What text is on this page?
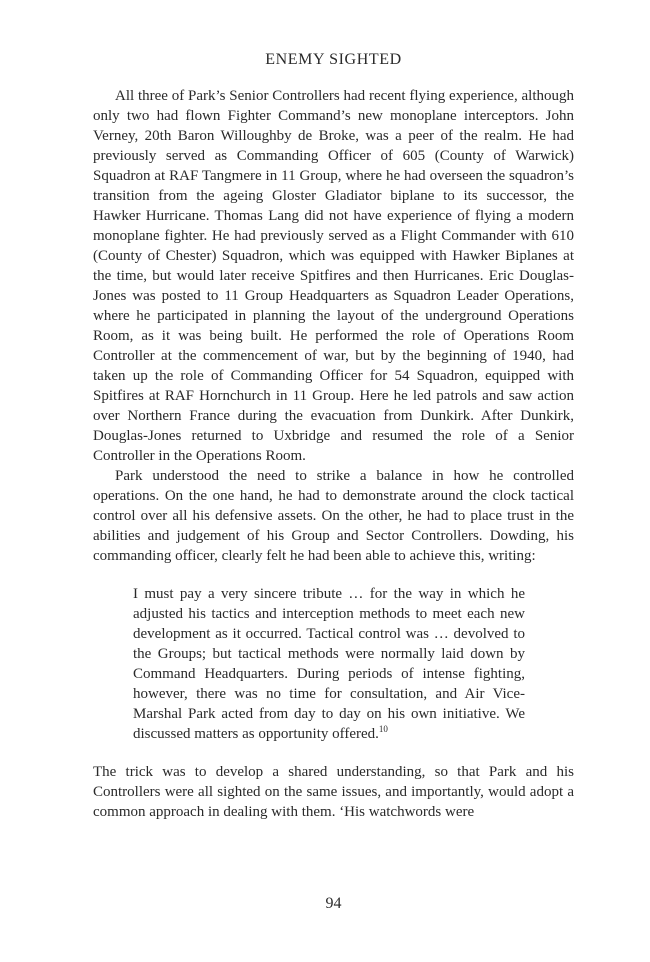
ENEMY SIGHTED

All three of Park’s Senior Controllers had recent flying experience, although only two had flown Fighter Command’s new monoplane interceptors. John Verney, 20th Baron Willoughby de Broke, was a peer of the realm. He had previously served as Commanding Officer of 605 (County of Warwick) Squadron at RAF Tangmere in 11 Group, where he had overseen the squadron’s transition from the ageing Gloster Gladiator biplane to its successor, the Hawker Hurricane. Thomas Lang did not have experience of flying a modern monoplane fighter. He had previously served as a Flight Commander with 610 (County of Chester) Squadron, which was equipped with Hawker Biplanes at the time, but would later receive Spitfires and then Hurricanes. Eric Douglas-Jones was posted to 11 Group Headquarters as Squadron Leader Operations, where he participated in planning the layout of the underground Operations Room, as it was being built. He performed the role of Operations Room Controller at the commencement of war, but by the beginning of 1940, had taken up the role of Commanding Officer for 54 Squadron, equipped with Spitfires at RAF Hornchurch in 11 Group. Here he led patrols and saw action over Northern France during the evacuation from Dunkirk. After Dunkirk, Douglas-Jones returned to Uxbridge and resumed the role of a Senior Controller in the Operations Room.

Park understood the need to strike a balance in how he controlled operations. On the one hand, he had to demonstrate around the clock tactical control over all his defensive assets. On the other, he had to place trust in the abilities and judgement of his Group and Sector Controllers. Dowding, his commanding officer, clearly felt he had been able to achieve this, writing:

I must pay a very sincere tribute … for the way in which he adjusted his tactics and interception methods to meet each new development as it occurred. Tactical control was … devolved to the Groups; but tactical methods were normally laid down by Command Headquarters. During periods of intense fighting, however, there was no time for consultation, and Air Vice-Marshal Park acted from day to day on his own initiative. We discussed matters as opportunity offered.$^{10}$

The trick was to develop a shared understanding, so that Park and his Controllers were all sighted on the same issues, and importantly, would adopt a common approach in dealing with them. ‘His watchwords were

94
